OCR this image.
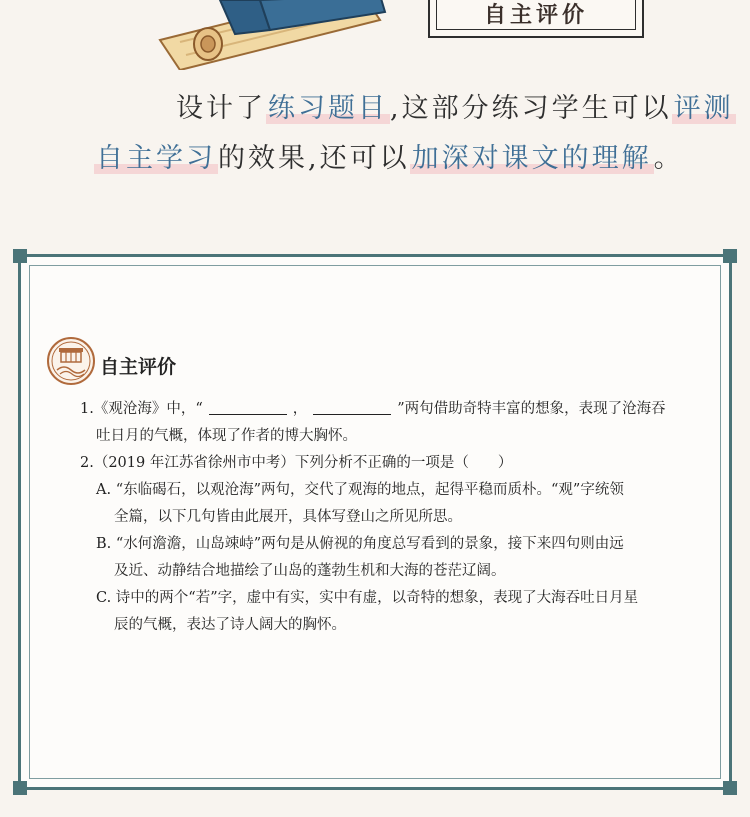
自主评价
设计了练习题目,这部分练习学生可以评测
自主学习的效果,还可以加深对课文的理解。
自主评价
1.《观沧海》中，“	，	”两句借助奇特丰富的想象，表现了沧海吞
吐日月的气概，体现了作者的博大胸怀。
2.（2019 年江苏省徐州市中考）下列分析不正确的一项是（　　）
A. “东临碣石，以观沧海”两句，交代了观海的地点，起得平稳而质朴。“观”字统领
全篇，以下几句皆由此展开，具体写登山之所见所思。
B. “水何澹澹，山岛竦峙”两句是从俯视的角度总写看到的景象，接下来四句则由远
及近、动静结合地描绘了山岛的蓬勃生机和大海的苍茫辽阔。
C. 诗中的两个“若”字，虚中有实，实中有虚，以奇特的想象，表现了大海吞吐日月星
辰的气概，表达了诗人阔大的胸怀。
